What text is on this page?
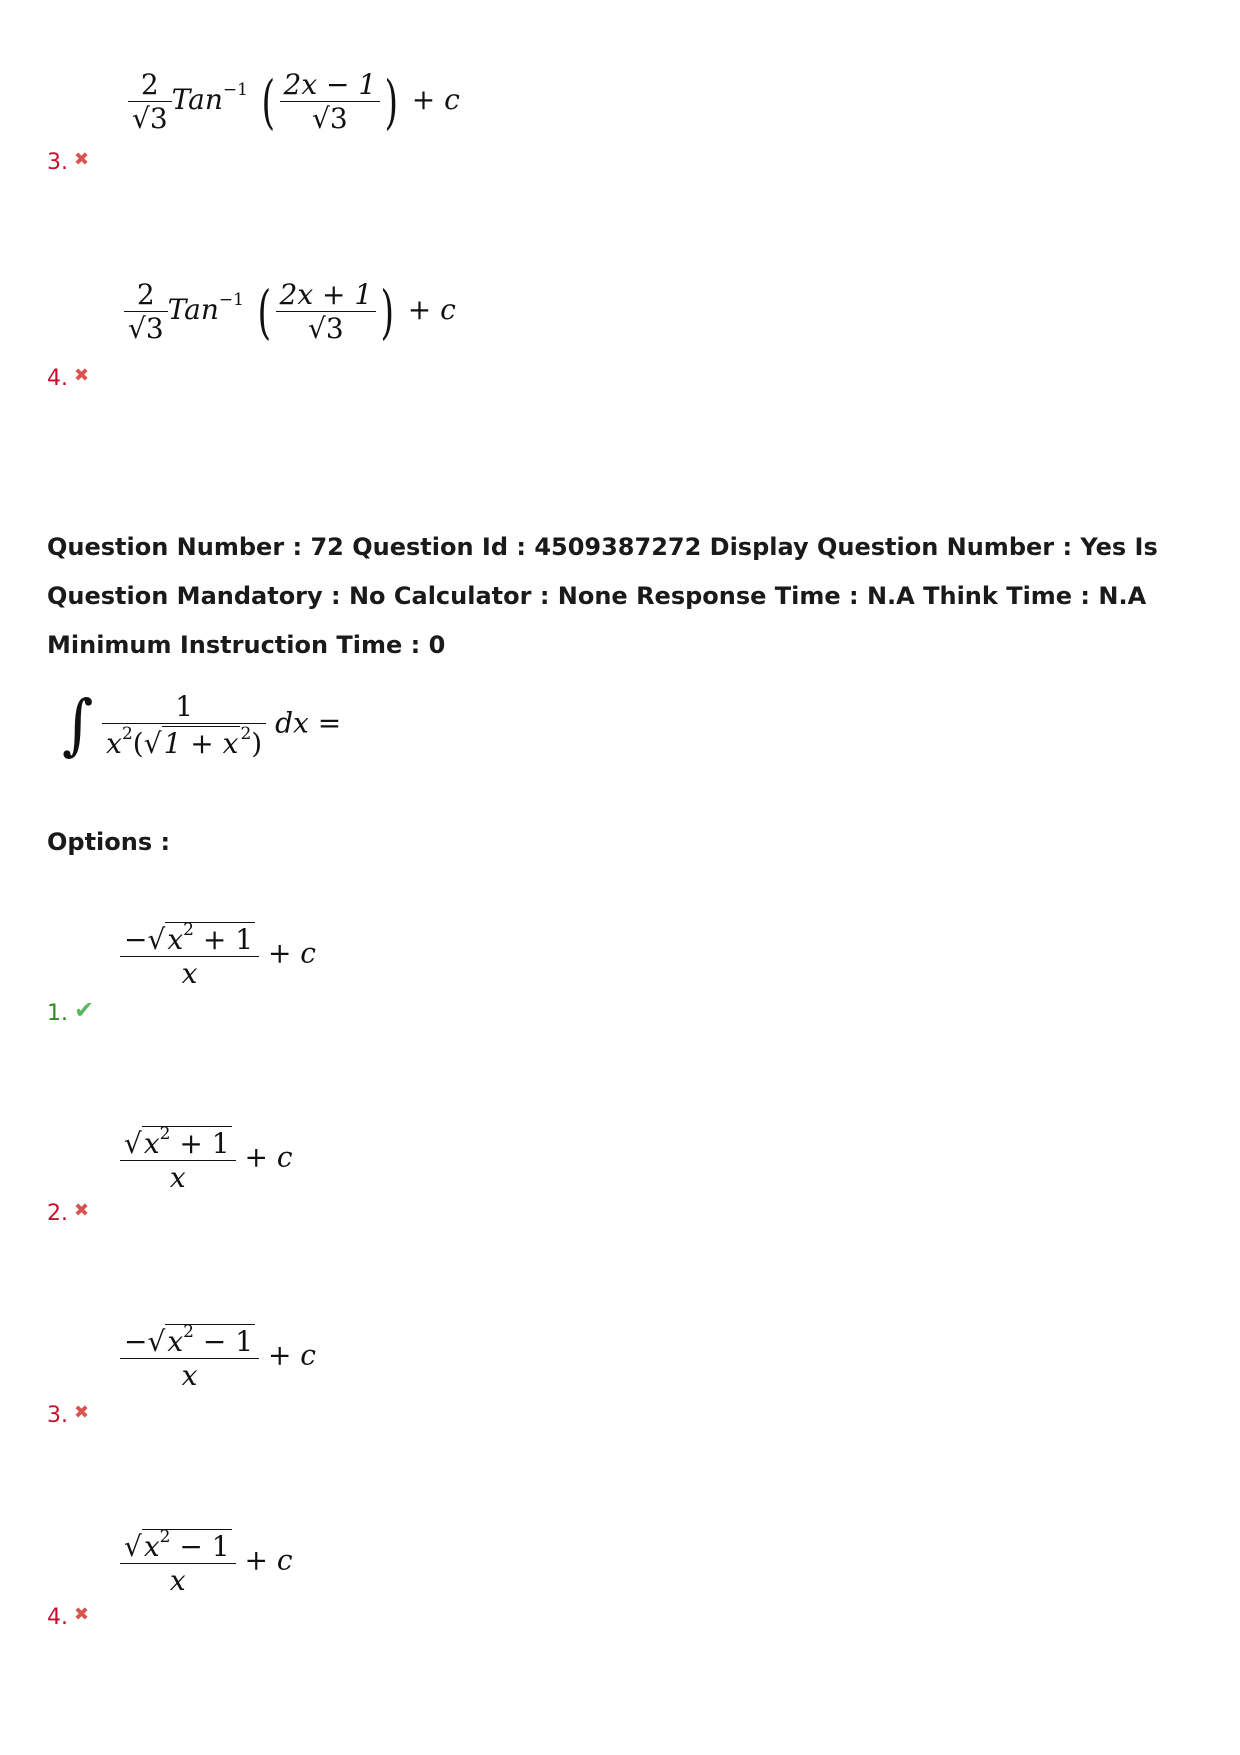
$\frac{2}{√3} Tan^{-1}$ ( $\frac{2x - 1}{√3}$ ) + c
3. ✖
$\frac{2}{√3} Tan^{-1}$ ( $\frac{2x + 1}{√3}$ ) + c
4. ✖
Question Number : 72 Question Id : 4509387272 Display Question Number : Yes Is Question Mandatory : No Calculator : None Response Time : N.A Think Time : N.A Minimum Instruction Time : 0
∫ $\frac{1}{x^2(√1 + x ^2)}$ dx =
Options :
$\frac{-√x^2 + 1}{x} + c$
1. ✔
$\frac{√x^2 + 1}{x} + c$
2. ✖
$\frac{-√x^2 - 1}{x} + c$
3. ✖
$\frac{√x^2 - 1}{x} + c$
4. ✖
